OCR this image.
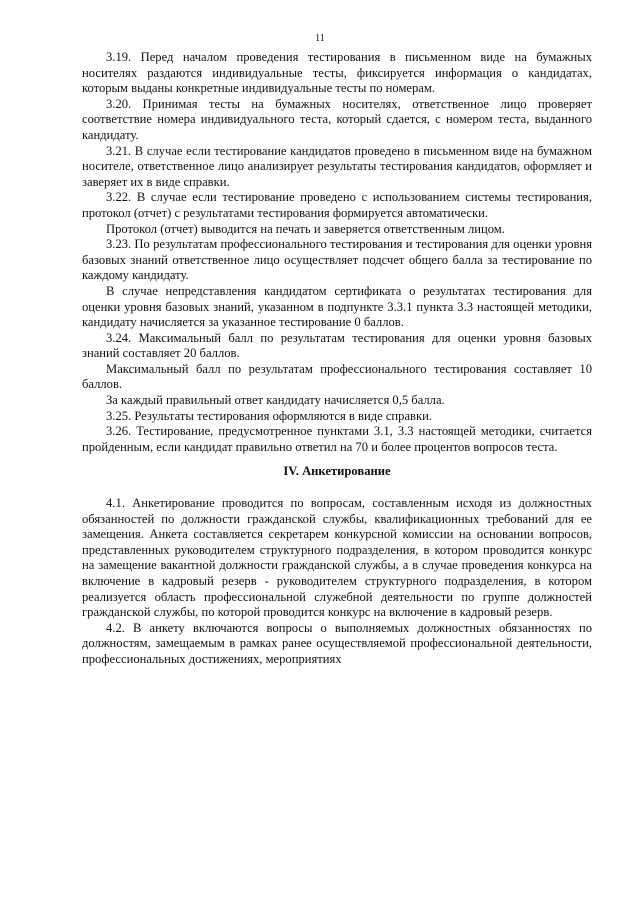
11

3.19. Перед началом проведения тестирования в письменном виде на бумажных носителях раздаются индивидуальные тесты, фиксируется информация о кандидатах, которым выданы конкретные индивидуальные тесты по номерам.

3.20. Принимая тесты на бумажных носителях, ответственное лицо проверяет соответствие номера индивидуального теста, который сдается, с номером теста, выданного кандидату.

3.21. В случае если тестирование кандидатов проведено в письменном виде на бумажном носителе, ответственное лицо анализирует результаты тестирования кандидатов, оформляет и заверяет их в виде справки.

3.22. В случае если тестирование проведено с использованием системы тестирования, протокол (отчет) с результатами тестирования формируется автоматически.

Протокол (отчет) выводится на печать и заверяется ответственным лицом.

3.23. По результатам профессионального тестирования и тестирования для оценки уровня базовых знаний ответственное лицо осуществляет подсчет общего балла за тестирование по каждому кандидату.

В случае непредставления кандидатом сертификата о результатах тестирования для оценки уровня базовых знаний, указанном в подпункте 3.3.1 пункта 3.3 настоящей методики, кандидату начисляется за указанное тестирование 0 баллов.

3.24. Максимальный балл по результатам тестирования для оценки уровня базовых знаний составляет 20 баллов.

Максимальный балл по результатам профессионального тестирования составляет 10 баллов.

За каждый правильный ответ кандидату начисляется 0,5 балла.

3.25. Результаты тестирования оформляются в виде справки.

3.26. Тестирование, предусмотренное пунктами 3.1, 3.3 настоящей методики, считается пройденным, если кандидат правильно ответил на 70 и более процентов вопросов теста.

IV. Анкетирование

4.1. Анкетирование проводится по вопросам, составленным исходя из должностных обязанностей по должности гражданской службы, квалификационных требований для ее замещения. Анкета составляется секретарем конкурсной комиссии на основании вопросов, представленных руководителем структурного подразделения, в котором проводится конкурс на замещение вакантной должности гражданской службы, а в случае проведения конкурса на включение в кадровый резерв - руководителем структурного подразделения, в котором реализуется область профессиональной служебной деятельности по группе должностей гражданской службы, по которой проводится конкурс на включение в кадровый резерв.

4.2. В анкету включаются вопросы о выполняемых должностных обязанностях по должностям, замещаемым в рамках ранее осуществляемой профессиональной деятельности, профессиональных достижениях, мероприятиях
